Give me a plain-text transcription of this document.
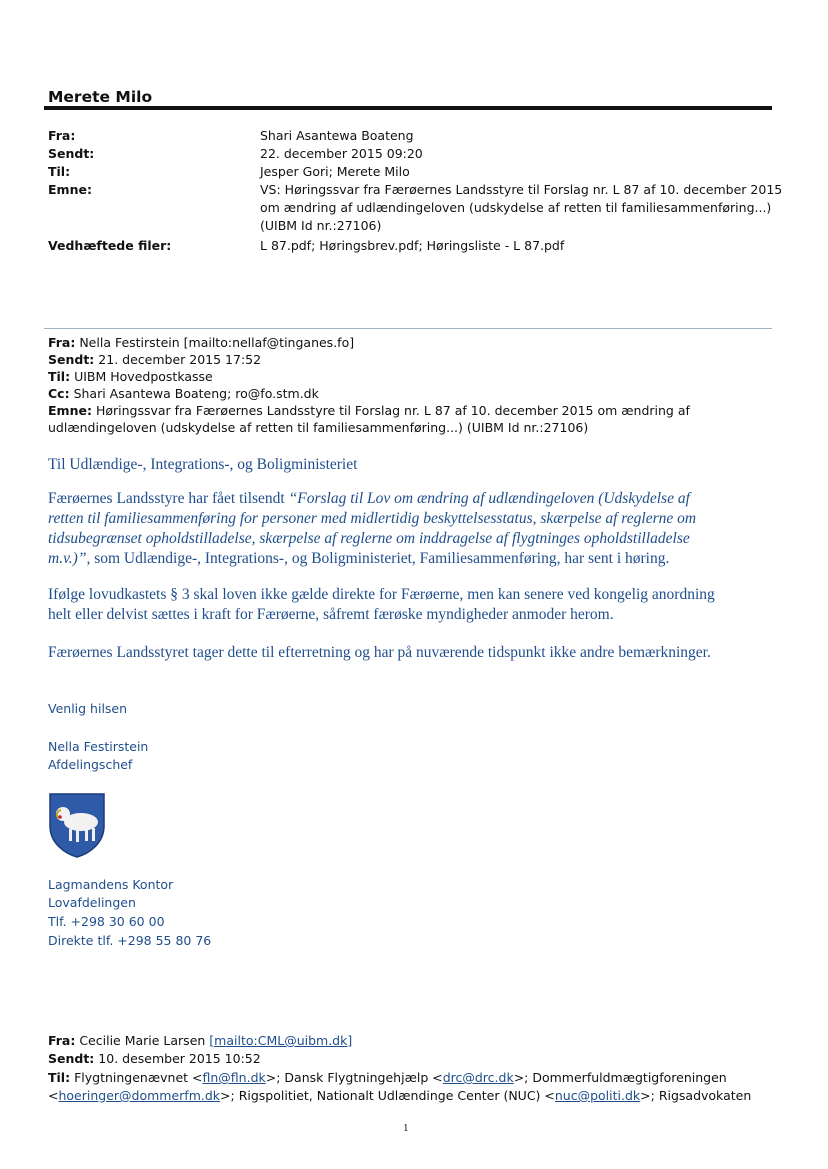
Merete Milo
Fra:	Shari Asantewa Boateng
Sendt:	22. december 2015 09:20
Til:	Jesper Gori; Merete Milo
Emne:	VS: Høringssvar fra Færøernes Landsstyre til Forslag nr. L 87 af 10. december 2015
om ændring af udlændingeloven (udskydelse af retten til familiesammenføring...)
(UIBM Id nr.:27106)
Vedhæftede filer:	L 87.pdf; Høringsbrev.pdf; Høringsliste - L 87.pdf
Fra: Nella Festirstein [mailto:nellaf@tinganes.fo]
Sendt: 21. december 2015 17:52
Til: UIBM Hovedpostkasse
Cc: Shari Asantewa Boateng; ro@fo.stm.dk
Emne: Høringssvar fra Færøernes Landsstyre til Forslag nr. L 87 af 10. december 2015 om ændring af
udlændingeloven (udskydelse af retten til familiesammenføring...) (UIBM Id nr.:27106)
Til Udlændige-, Integrations-, og Boligministeriet
Færøernes Landsstyre har fået tilsendt “Forslag til Lov om ændring af udlændingeloven (Udskydelse af
retten til familiesammenføring for personer med midlertidig beskyttelsesstatus, skærpelse af reglerne om
tidsubegrænset opholdstilladelse, skærpelse af reglerne om inddragelse af flygtninges opholdstilladelse
m.v.)”, som Udlændige-, Integrations-, og Boligministeriet, Familiesammenføring, har sent i høring.
Ifølge lovudkastets § 3 skal loven ikke gælde direkte for Færøerne, men kan senere ved kongelig anordning
helt eller delvist sættes i kraft for Færøerne, såfremt færøske myndigheder anmoder herom.
Færøernes Landsstyret tager dette til efterretning og har på nuværende tidspunkt ikke andre bemærkninger.
Venlig hilsen
Nella Festirstein
Afdelingschef
Lagmandens Kontor
Lovafdelingen
Tlf. +298 30 60 00
Direkte tlf. +298 55 80 76
Fra: Cecilie Marie Larsen [mailto:CML@uibm.dk]
Sendt: 10. desember 2015 10:52
Til: Flygtningenævnet <fln@fln.dk>; Dansk Flygtningehjælp <drc@drc.dk>; Dommerfuldmægtigforeningen
<hoeringer@dommerfm.dk>; Rigspolitiet, Nationalt Udlændinge Center (NUC) <nuc@politi.dk>; Rigsadvokaten
1
